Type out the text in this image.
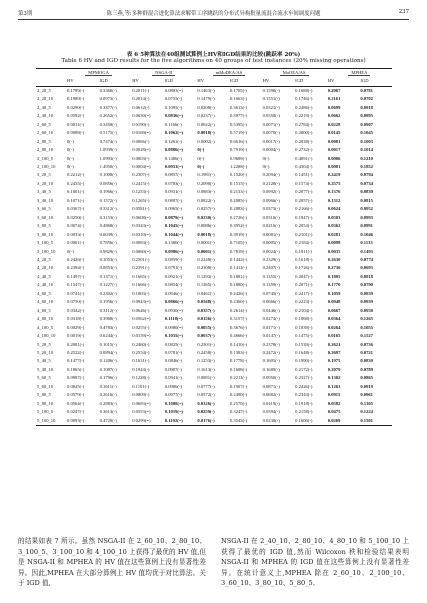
第3期	陈三燕,等:多种群混合进化算法求解带工序跳跃的分布式异构批量流混合流水车间调度问题	237
表 6 5种算法在40组测试算例上HV和IGD结果的比较(跳跃率 20%)
Table 6 HV and IGD results for the five algorithms on 40 groups of test instances (20% missing operations)
	MPMOGA		NSGA-II		mMoDEA/AS		MaOEA/AS		MPHEA	
	HV	IGD	HV	IGD	HV	IGD	HV	IGD	HV	IGD
2_20_5	0.1789(-)	0.3360(-)	0.2011(-)	0.0803(=)	0.1463(-)	0.1705(-)	0.1590(-)	0.1688(-)	0.2067	0.0781
2_20_10	0.1989(-)	0.0973(-)	0.2014(-)	0.0755(-)	0.1479(-)	0.1663(-)	0.1551(-)	0.1746(-)	0.2161	0.0702
2_40_5	0.0290(-)	0.3377(-)	0.0612(-)	0.1095(-)	0.0208(-)	0.3613(-)	0.0321(-)	0.2486(-)	0.0699	0.0918
2_40_10	0.0592(-)	0.2652(-)	0.0630(=)	0.0836(=)	0.0237(-)	0.3977(-)	0.0350(-)	0.2219(-)	0.0662	0.0895
2_60_5	0.0011(-)	0.3458(-)	0.0190(-)	0.1166(-)	0.0022(-)	0.5395(-)	0.0071(-)	0.2784(-)	0.0228	0.0907
2_60_10	0.0088(-)	0.5175(-)	0.0169(=)	0.1062(=)	0.0018(-)	0.5719(-)	0.0070(-)	0.2800(-)	0.0145	0.1045
2_80_5	0(-)	0.7474(-)	0.0066(-)	0.1261(-)	0.0002(-)	0.6616(-)	0.0017(-)	0.2838(-)	0.0081	0.1003
2_80_10	0(-)	1.0939(-)	0.0028(=)	0.0886(=)	0(-)	0.7919(-)	0.0004(-)	0.2732(-)	0.0017	0.1014
2_100_5	0(-)	1.0993(-)	0.0003(-)	0.1486(-)	0(-)	0.9689(-)	0(-)	0.4091(-)	0.0006	0.1210
2_100_10	0(-)	1.4950(-)	0.0004(=)	0.0953(=)	0(-)	1.2288(-)	0(-)	0.4304(-)	0.0001	0.1852
3_20_5	0.2212(-)	0.1008(-)	0.2307(-)	0.0857(-)	0.1981(-)	0.1520(-)	0.2094(-)	0.1451(-)	0.2419	0.0794
3_20_10	0.2435(-)	0.0856(-)	0.2415(-)	0.0783(-)	0.2090(-)	0.1515(-)	0.2128(-)	0.1574(-)	0.2575	0.0734
3_40_5	0.1001(-)	0.1966(-)	0.1253(-)	0.0931(-)	0.0883(-)	0.2133(-)	0.0992(-)	0.2077(-)	0.1376	0.0839
3_40_10	0.1071(-)	0.1572(-)	0.1265(-)	0.0807(-)	0.0822(-)	0.2085(-)	0.0966(-)	0.2057(-)	0.1312	0.0815
3_60_5	0.0367(-)	0.3312(-)	0.0581(-)	0.0965(-)	0.0257(-)	0.2883(-)	0.0373(-)	0.2166(-)	0.0624	0.0952
3_60_10	0.0250(-)	0.3153(-)	0.0608(=)	0.0879(=)	0.0230(-)	0.2726(-)	0.0310(-)	0.1947(-)	0.0503	0.0993
3_80_5	0.0074(-)	0.4868(-)	0.0343(=)	0.1045(=)	0.0086(-)	0.3952(-)	0.0216(-)	0.2054(-)	0.0362	0.0991
3_80_10	0.0033(-)	0.6039(-)	0.0310(=)	0.1044(=)	0.0018(-)	0.3919(-)	0.0081(-)	0.2101(-)	0.0281	0.1046
3_100_5	0.0001(-)	0.7856(-)	0.0083(-)	0.1380(-)	0.0001(-)	0.7105(-)	0.0005(-)	0.2184(-)	0.0098	0.1133
3_100_10	0(-)	0.9829(-)	0.0060(=)	0.0986(=)	0.0001(-)	0.7819(-)	0.0024(-)	0.1811(-)	0.0035	0.1493
4_20_5	0.2426(-)	0.1053(-)	0.2501(-)	0.0859(-)	0.2248(-)	0.1442(-)	0.2329(-)	0.1618(-)	0.2630	0.0774
4_20_10	0.2394(-)	0.0853(-)	0.2391(-)	0.0791(-)	0.2308(-)	0.1411(-)	0.2407(-)	0.1726(-)	0.2736	0.0693
4_40_5	0.1497(-)	0.1371(-)	0.1665(-)	0.0921(-)	0.1293(-)	0.1881(-)	0.1355(-)	0.2047(-)	0.1805	0.0818
4_40_10	0.1547(-)	0.1227(-)	0.1666(-)	0.0854(-)	0.1265(-)	0.1880(-)	0.1359(-)	0.2071(-)	0.1770	0.0790
4_60_5	0.0741(-)	0.2302(-)	0.1003(-)	0.0946(-)	0.0461(-)	0.2426(-)	0.0745(-)	0.2417(-)	0.1059	0.0839
4_60_10	0.0750(-)	0.1956(-)	0.0943(=)	0.0866(=)	0.0568(-)	0.2360(-)	0.0666(-)	0.2223(-)	0.0948	0.0939
4_80_5	0.0342(-)	0.3112(-)	0.0646(-)	0.0930(=)	0.0357(-)	0.2614(-)	0.0446(-)	0.2104(-)	0.0667	0.0930
4_80_10	0.0318(-)	0.3968(-)	0.0562(=)	0.1118(=)	0.0156(-)	0.3157(-)	0.0274(-)	0.1868(-)	0.0364	0.1265
4_100_5	0.0029(-)	0.4783(-)	0.0255(-)	0.0980(=)	0.0055(-)	0.3676(-)	0.0171(-)	0.1839(-)	0.0264	0.1055
4_100_10	0.0019(-)	0.6244(-)	0.0159(=)	0.1035(=)	0.0037(-)	0.4666(-)	0.0147(-)	0.1475(-)	0.0165	0.1527
5_20_5	0.2081(-)	0.1015(-)	0.2460(-)	0.0825(-)	0.2301(-)	0.1410(-)	0.2378(-)	0.1539(-)	0.2621	0.0736
5_20_10	0.2522(-)	0.0894(-)	0.2554(-)	0.0781(-)	0.2458(-)	0.1383(-)	0.2472(-)	0.1648(-)	0.2697	0.0721
5_40_5	0.1477(-)	0.1206(-)	0.1631(-)	0.0846(-)	0.1253(-)	0.1778(-)	0.1605(-)	0.1990(-)	0.1975	0.0830
5_40_10	0.1865(-)	0.1087(-)	0.1944(-)	0.0907(-)	0.1613(-)	0.1608(-)	0.1689(-)	0.2172(-)	0.2079	0.0789
5_60_5	0.0987(-)	0.1796(-)	0.1228(-)	0.0941(-)	0.0881(-)	0.2211(-)	0.0950(-)	0.2327(-)	0.1302	0.0865
5_60_10	0.0845(-)	0.1611(-)	0.1101(-)	0.0986(-)	0.0777(-)	0.1907(-)	0.0871(-)	0.2426(-)	0.1263	0.0919
5_80_5	0.0579(-)	0.2616(-)	0.0809(-)	0.0977(-)	0.0572(-)	0.2490(-)	0.0682(-)	0.2343(-)	0.0915	0.0961
5_80_10	0.0564(-)	0.2883(-)	0.0683(=)	0.1088(=)	0.0326(-)	0.2570(-)	0.0419(-)	0.1918(-)	0.0582	0.1305
5_100_5	0.0247(-)	0.3613(-)	0.0553(=)	0.1019(=)	0.0259(-)	0.3247(-)	0.0394(-)	0.2158(-)	0.0475	0.1224
5_100_10	0.0093(-)	0.4729(-)	0.0299(=)	0.1102(=)	0.0176(-)	0.3543(-)	0.0230(-)	0.1606(-)	0.0269	0.1501

的结果如表 7 所示。虽然 NSGA-II 在 2_60_10、2_80_10、3_100_5、3_100_10 和 4_100_10 上获得了最优的 HV 值,但是 NSGA-II 和 MPHEA 的 HV 值在这些算例上没有显著性差异。因此,MPHEA 在大部分算例上 HV 值均优于对比算法。关于 IGD 值,

NSGA-II 在 2_40_10、2_80_10、4_80_10 和 5_100_10 上获得了最优的 IGD 值,然而 Wilcoxon 秩和检验结果表明 NSGA-II 和 MPHEA 的 IGD 值在这些算例上没有显著性差异。在统计意义上,MPHEA 除在 2_60_10、2_100_10、3_60_10、3_80_10、5_80_5、
